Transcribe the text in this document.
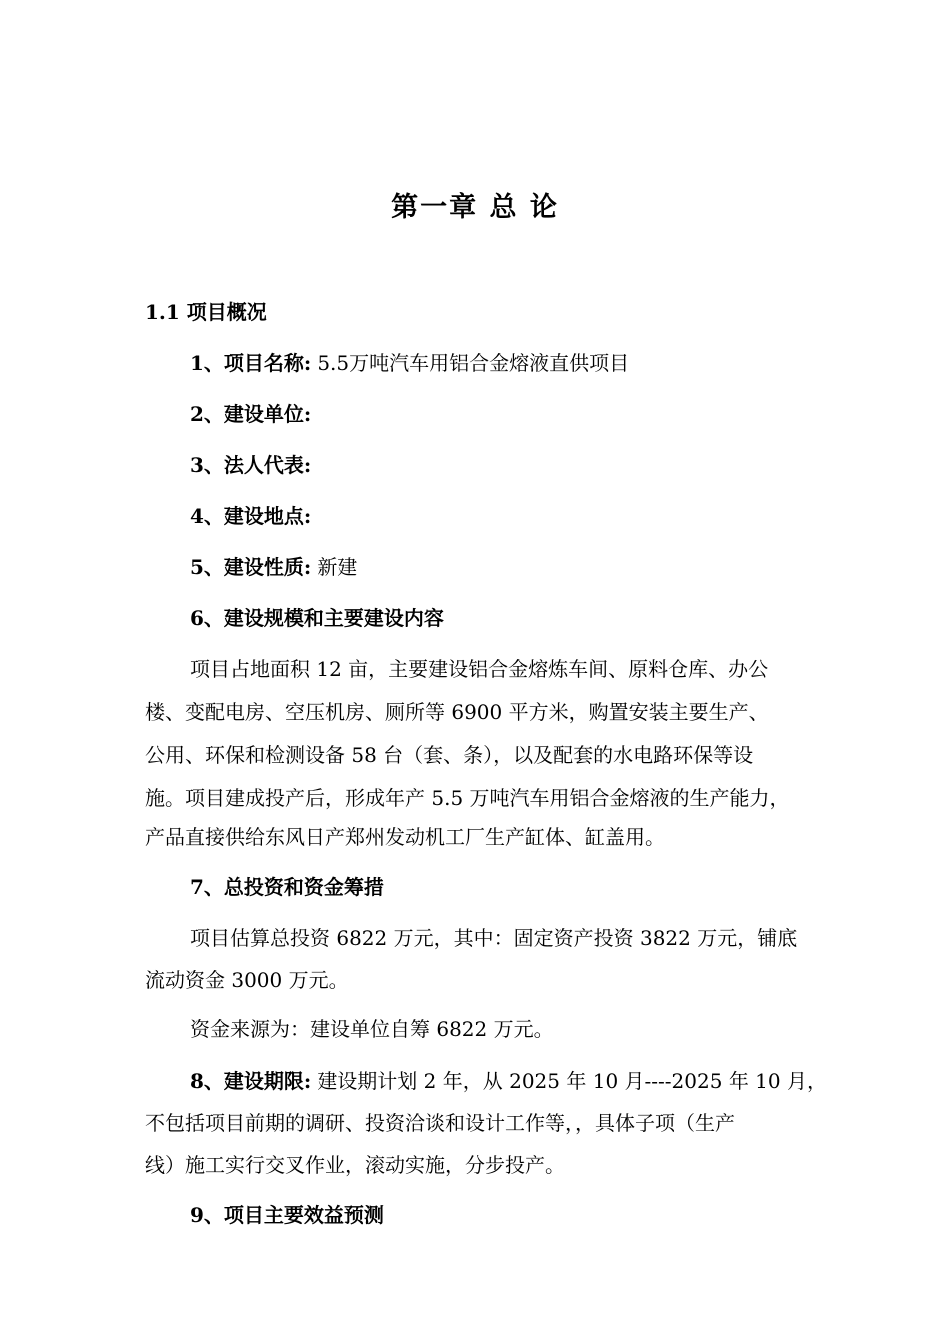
第一章 总 论
1.1 项目概况
1、项目名称: 5.5万吨汽车用铝合金熔液直供项目
2、建设单位:
3、法人代表:
4、建设地点:
5、建设性质: 新建
6、建设规模和主要建设内容
项目占地面积 12 亩，主要建设铝合金熔炼车间、原料仓库、办公
楼、变配电房、空压机房、厕所等 6900 平方米，购置安装主要生产、
公用、环保和检测设备 58 台（套、条），以及配套的水电路环保等设
施。项目建成投产后，形成年产 5.5 万吨汽车用铝合金熔液的生产能力，
产品直接供给东风日产郑州发动机工厂生产缸体、缸盖用。
7、总投资和资金筹措
项目估算总投资 6822 万元，其中：固定资产投资 3822 万元，铺底
流动资金 3000 万元。
资金来源为：建设单位自筹 6822 万元。
8、建设期限: 建设期计划 2 年，从 2025 年 10 月----2025 年 10 月，
不包括项目前期的调研、投资洽谈和设计工作等，，具体子项（生产
线）施工实行交叉作业，滚动实施，分步投产。
9、项目主要效益预测
